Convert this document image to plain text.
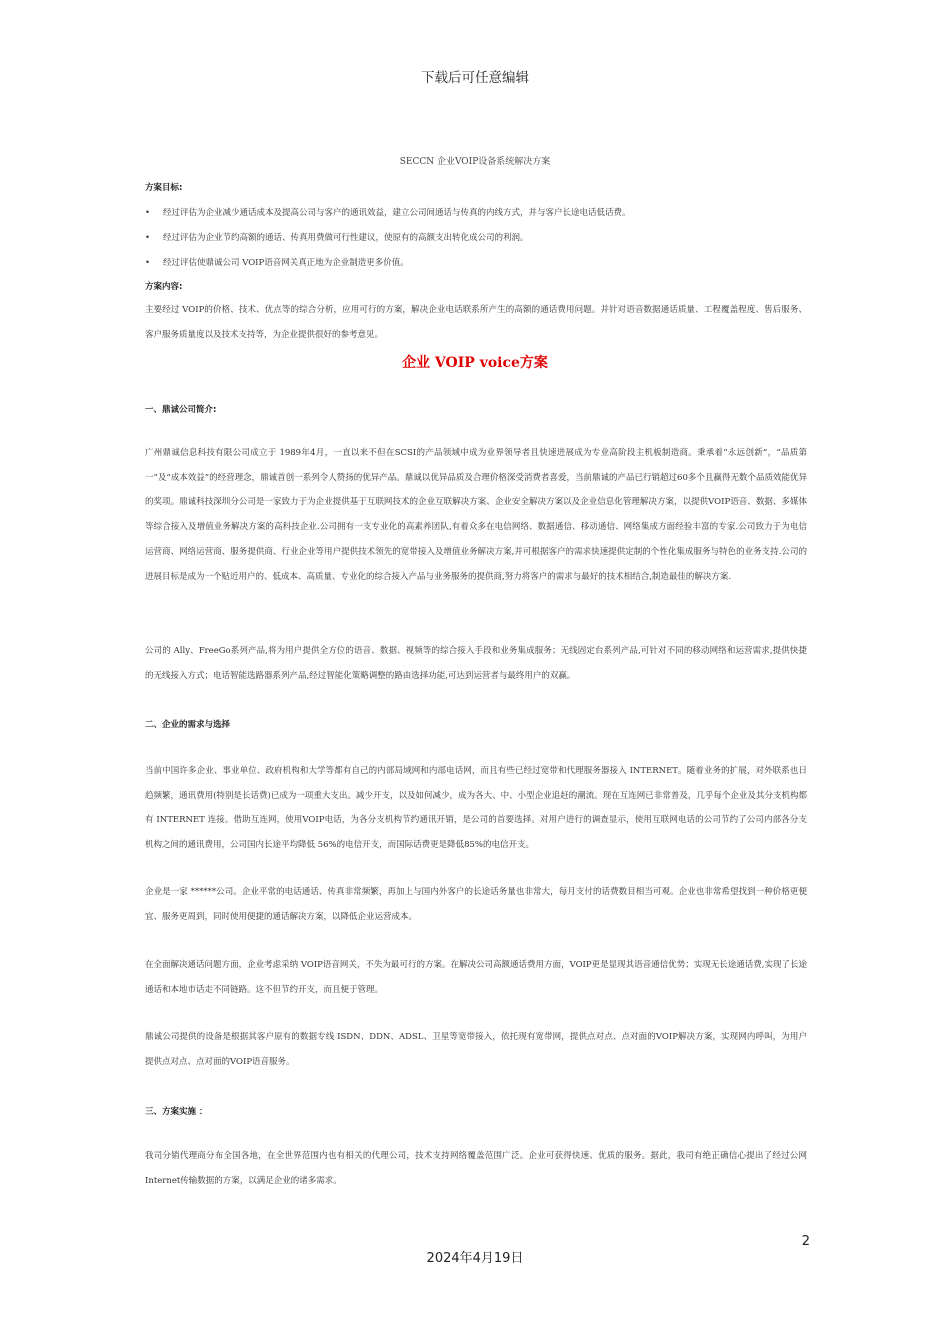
下载后可任意编辑
SECCN 企业VOIP设备系统解决方案
方案目标:
• 经过评估为企业减少通话成本及提高公司与客户的通讯效益，建立公司间通话与传真的内线方式，并与客户长途电话低话费。
• 经过评估为企业节约高额的通话、传真用费做可行性建议，使原有的高额支出转化成公司的利润。
• 经过评估使鼎诚公司 VOIP语音网关真正地为企业制造更多价值。
方案内容:
主要经过 VOIP的价格、技术、优点等的综合分析，应用可行的方案，解决企业电话联系所产生的高额的通话费用问题。并针对语音数据通话质量、工程覆盖程度、售后服务、客户服务质量度以及技术支持等，为企业提供很好的参考意见。
企业 VOIP voice方案
一、鼎诚公司简介:
广州鼎诚信息科技有限公司成立于 1989年4月，一直以来不但在SCSI的产品领域中成为业界领导者且快速进展成为专业高阶段主机板制造商。秉承着“永远创新”，“品质第一”及“成本效益”的经营理念，鼎诚首创一系列令人赞扬的优异产品。鼎诚以优异品质及合理价格深受消费者喜爱，当前鼎诚的产品已行销超过60多个且赢得无数个品质效能优异的奖项。鼎诚科技深圳分公司是一家致力于为企业提供基于互联网技术的企业互联解决方案、企业安全解决方案以及企业信息化管理解决方案，以提供VOIP语音、数据、多媒体等综合接入及增值业务解决方案的高科技企业.公司拥有一支专业化的高素养团队,有着众多在电信网络、数据通信、移动通信、网络集成方面经验丰富的专家.公司致力于为电信运营商、网络运营商、服务提供商、行业企业等用户提供技术领先的宽带接入及增值业务解决方案,并可根据客户的需求快速提供定制的个性化集成服务与特色的业务支持.公司的进展目标是成为一个贴近用户的、低成本、高质量、专业化的综合接入产品与业务服务的提供商,努力将客户的需求与最好的技术相结合,制造最佳的解决方案.
公司的 Ally、FreeGo系列产品,将为用户提供全方位的语音、数据、视频等的综合接入手段和业务集成服务；无线固定台系列产品,可针对不同的移动网络和运营需求,提供快捷的无线接入方式；电话智能选路器系列产品,经过智能化策略调整的路由选择功能,可达到运营者与最终用户的双赢。
二、企业的需求与选择
当前中国许多企业、事业单位、政府机构和大学等都有自己的内部局域网和内部电话网，而且有些已经过宽带和代理服务器接入 INTERNET。随着业务的扩展，对外联系也日趋频繁，通讯费用(特别是长话费)已成为一项重大支出。减少开支，以及如何减少，成为各大、中、小型企业追赶的潮流。现在互连网已非常普及，几乎每个企业及其分支机构都有 INTERNET 连接。借助互连网，使用VOIP电话，为各分支机构节约通讯开销，是公司的首要选择。对用户进行的调查显示，使用互联网电话的公司节约了公司内部各分支机构之间的通讯费用，公司国内长途平均降低 56%的电信开支，而国际话费更是降低85%的电信开支。
企业是一家 ******公司。企业平常的电话通话、传真非常频繁，再加上与国内外客户的长途话务量也非常大，每月支付的话费数目相当可观。企业也非常希望找到一种价格更便宜、服务更周到，同时使用便捷的通话解决方案，以降低企业运营成本。
在全面解决通话问题方面，企业考虑采纳 VOIP语音网关，不失为最可行的方案。在解决公司高额通话费用方面，VOIP更是显现其语音通信优势；实现无长途通话费,实现了长途通话和本地市话走不同链路。这不但节约开支，而且便于管理。
鼎诚公司提供的设备是根据其客户原有的数据专线 ISDN、DDN、ADSL、卫星等宽带接入，依托现有宽带网，提供点对点、点对面的VOIP解决方案，实现网内呼叫，为用户提供点对点、点对面的VOIP语音服务。
三、方案实施 ：
我司分销代理商分布全国各地，在全世界范围内也有相关的代理公司，技术支持网络覆盖范围广泛。企业可获得快速、优质的服务。据此，我司有绝正确信心提出了经过公网 Internet传输数据的方案，以满足企业的诸多需求。
2
2024年4月19日
